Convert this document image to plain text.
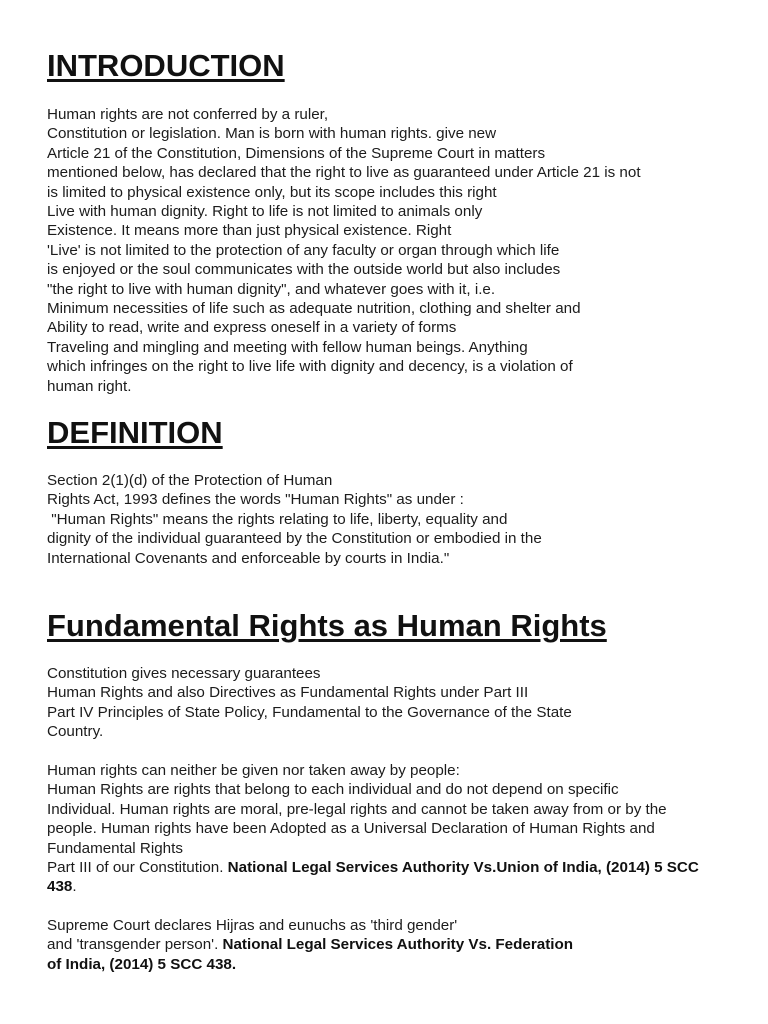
INTRODUCTION
Human rights are not conferred by a ruler,
Constitution or legislation. Man is born with human rights. give new
Article 21 of the Constitution, Dimensions of the Supreme Court in matters
mentioned below, has declared that the right to live as guaranteed under Article 21 is not
is limited to physical existence only, but its scope includes this right
Live with human dignity. Right to life is not limited to animals only
Existence. It means more than just physical existence. Right
'Live' is not limited to the protection of any faculty or organ through which life
is enjoyed or the soul communicates with the outside world but also includes
"the right to live with human dignity", and whatever goes with it, i.e.
Minimum necessities of life such as adequate nutrition, clothing and shelter and
Ability to read, write and express oneself in a variety of forms
Traveling and mingling and meeting with fellow human beings. Anything
which infringes on the right to live life with dignity and decency, is a violation of
human right.
DEFINITION
Section 2(1)(d) of the Protection of Human
Rights Act, 1993 defines the words "Human Rights" as under :
"Human Rights" means the rights relating to life, liberty, equality and
dignity of the individual guaranteed by the Constitution or embodied in the
International Covenants and enforceable by courts in India."
Fundamental Rights as Human Rights
Constitution gives necessary guarantees
Human Rights and also Directives as Fundamental Rights under Part III
Part IV Principles of State Policy, Fundamental to the Governance of the State
Country.
Human rights can neither be given nor taken away by people:
Human Rights are rights that belong to each individual and do not depend on specific
Individual. Human rights are moral, pre-legal rights and cannot be taken away from or by the
people. Human rights have been Adopted as a Universal Declaration of Human Rights and
Fundamental Rights
Part III of our Constitution. National Legal Services Authority Vs.Union of India, (2014) 5 SCC 438.
Supreme Court declares Hijras and eunuchs as 'third gender'
and 'transgender person'. National Legal Services Authority Vs. Federation
of India, (2014) 5 SCC 438.
